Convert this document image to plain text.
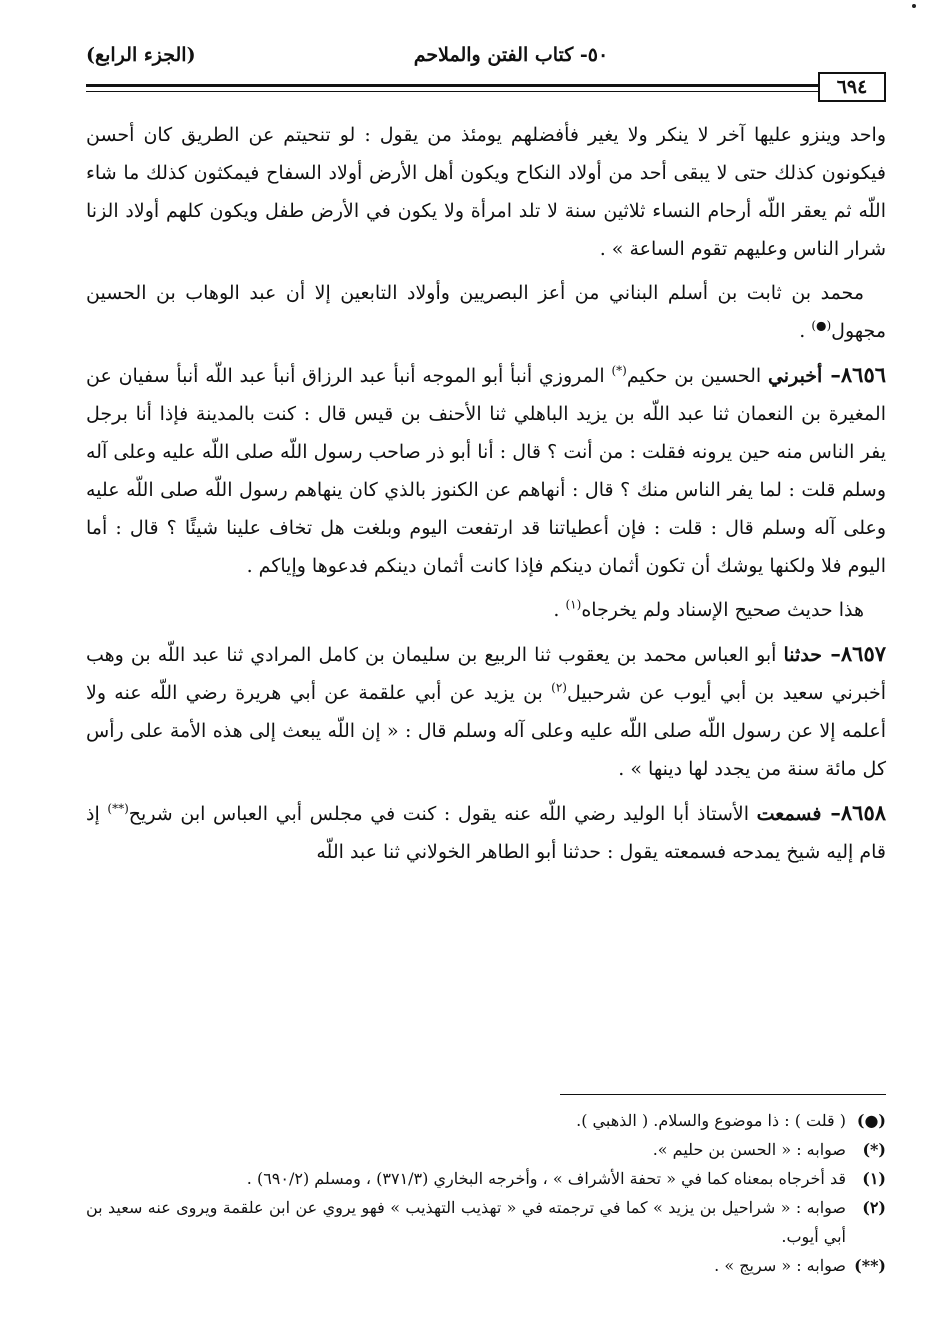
(الجزء الرابع)	٥٠- كتاب الفتن والملاحم
٦٩٤

واحد وينزو عليها آخر لا ينكر ولا يغير فأفضلهم يومئذ من يقول : لو تنحيتم عن الطريق كان أحسن فيكونون كذلك حتى لا يبقى أحد من أولاد النكاح ويكون أهل الأرض أولاد السفاح فيمكثون كذلك ما شاء اللّه ثم يعقر اللّه أرحام النساء ثلاثين سنة لا تلد امرأة ولا يكون في الأرض طفل ويكون كلهم أولاد الزنا شرار الناس وعليهم تقوم الساعة » .

محمد بن ثابت بن أسلم البناني من أعز البصريين وأولاد التابعين إلا أن عبد الوهاب بن الحسين مجهول(●) .

٨٦٥٦– أخبرني الحسين بن حكيم(*) المروزي أنبأ أبو الموجه أنبأ عبد الرزاق أنبأ عبد اللّه أنبأ سفيان عن المغيرة بن النعمان ثنا عبد اللّه بن يزيد الباهلي ثنا الأحنف بن قيس قال : كنت بالمدينة فإذا أنا برجل يفر الناس منه حين يرونه فقلت : من أنت ؟ قال : أنا أبو ذر صاحب رسول اللّه صلى اللّه عليه وعلى آله وسلم قلت : لما يفر الناس منك ؟ قال : أنهاهم عن الكنوز بالذي كان ينهاهم رسول اللّه صلى اللّه عليه وعلى آله وسلم قال : قلت : فإن أعطياتنا قد ارتفعت اليوم وبلغت هل تخاف علينا شيئًا ؟ قال : أما اليوم فلا ولكنها يوشك أن تكون أثمان دينكم فإذا كانت أثمان دينكم فدعوها وإياكم .

هذا حديث صحيح الإسناد ولم يخرجاه$^{(١)}$ .

٨٦٥٧– حدثنا أبو العباس محمد بن يعقوب ثنا الربيع بن سليمان بن كامل المرادي ثنا عبد اللّه بن وهب أخبرني سعيد بن أبي أيوب عن شرحبيل$^{(٢)}$ بن يزيد عن أبي علقمة عن أبي هريرة رضي اللّه عنه ولا أعلمه إلا عن رسول اللّه صلى اللّه عليه وعلى آله وسلم قال : « إن اللّه يبعث إلى هذه الأمة على رأس كل مائة سنة من يجدد لها دينها » .

٨٦٥٨– فسمعت الأستاذ أبا الوليد رضي اللّه عنه يقول : كنت في مجلس أبي العباس ابن شريح(**) إذ قام إليه شيخ يمدحه فسمعته يقول : حدثنا أبو الطاهر الخولاني ثنا عبد اللّه

(●)
( قلت ) : ذا موضوع والسلام. ( الذهبي ).
(*)
صوابه : « الحسن بن حليم ».
(١)
قد أخرجاه بمعناه كما في « تحفة الأشراف » ، وأخرجه البخاري (٣٧١/٣) ، ومسلم (٦٩٠/٢) .
(٢)
صوابه : « شراحيل بن يزيد » كما في ترجمته في « تهذيب التهذيب » فهو يروي عن ابن علقمة ويروى عنه سعيد بن أبي أيوب.
(**)
صوابه : « سريج » .
